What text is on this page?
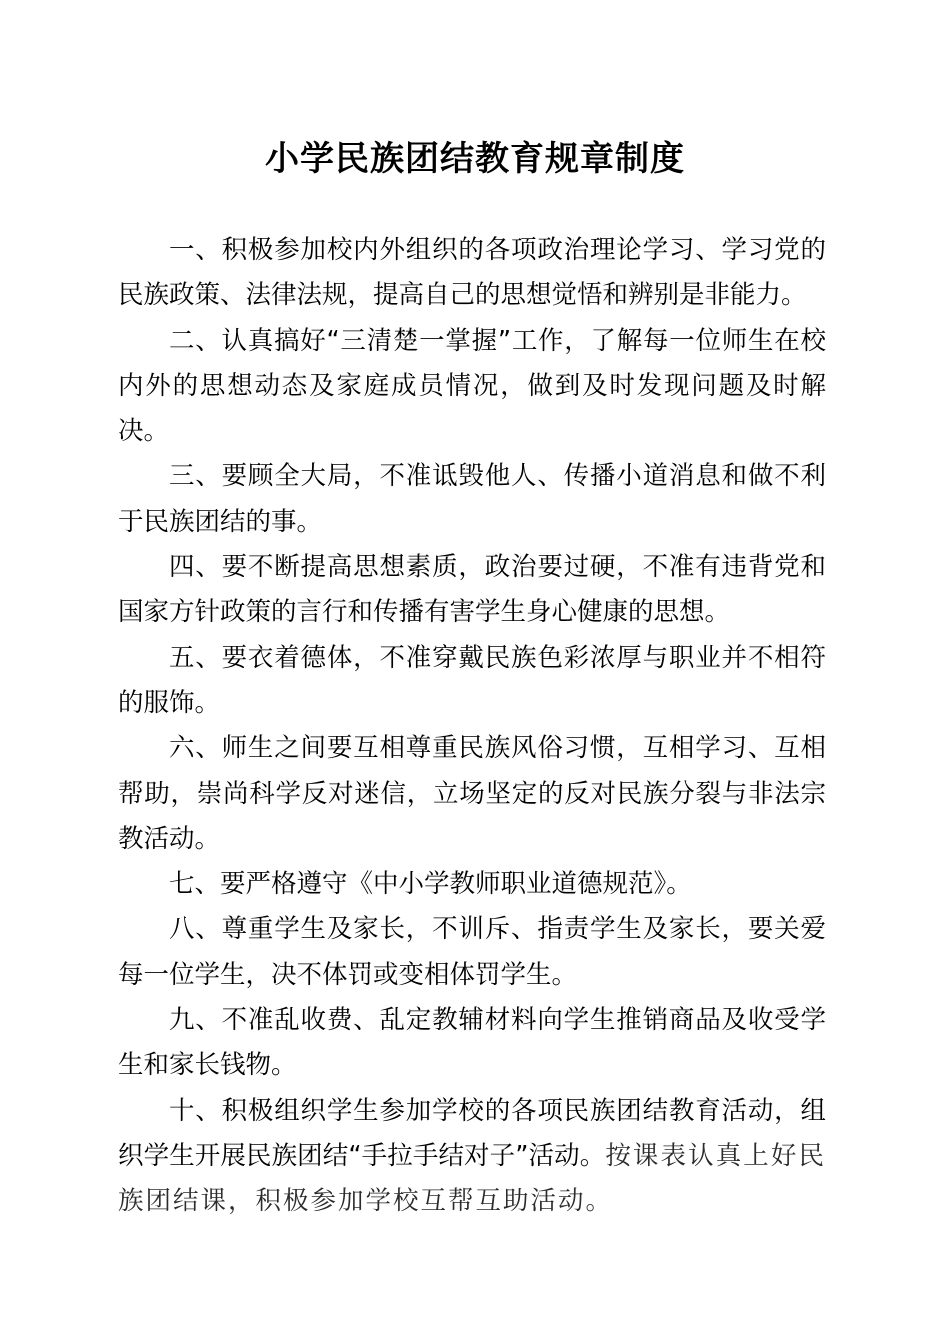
小学民族团结教育规章制度

一、积极参加校内外组织的各项政治理论学习、学习党的民族政策、法律法规，提高自己的思想觉悟和辨别是非能力。

二、认真搞好“三清楚一掌握”工作，了解每一位师生在校内外的思想动态及家庭成员情况，做到及时发现问题及时解决。

三、要顾全大局，不准诋毁他人、传播小道消息和做不利于民族团结的事。

四、要不断提高思想素质，政治要过硬，不准有违背党和国家方针政策的言行和传播有害学生身心健康的思想。

五、要衣着德体，不准穿戴民族色彩浓厚与职业并不相符的服饰。

六、师生之间要互相尊重民族风俗习惯，互相学习、互相帮助，崇尚科学反对迷信，立场坚定的反对民族分裂与非法宗教活动。

七、要严格遵守《中小学教师职业道德规范》。

八、尊重学生及家长，不训斥、指责学生及家长，要关爱每一位学生，决不体罚或变相体罚学生。

九、不准乱收费、乱定教辅材料向学生推销商品及收受学生和家长钱物。

十、积极组织学生参加学校的各项民族团结教育活动，组织学生开展民族团结“手拉手结对子”活动。按课表认真上好民族团结课，积极参加学校互帮互助活动。
